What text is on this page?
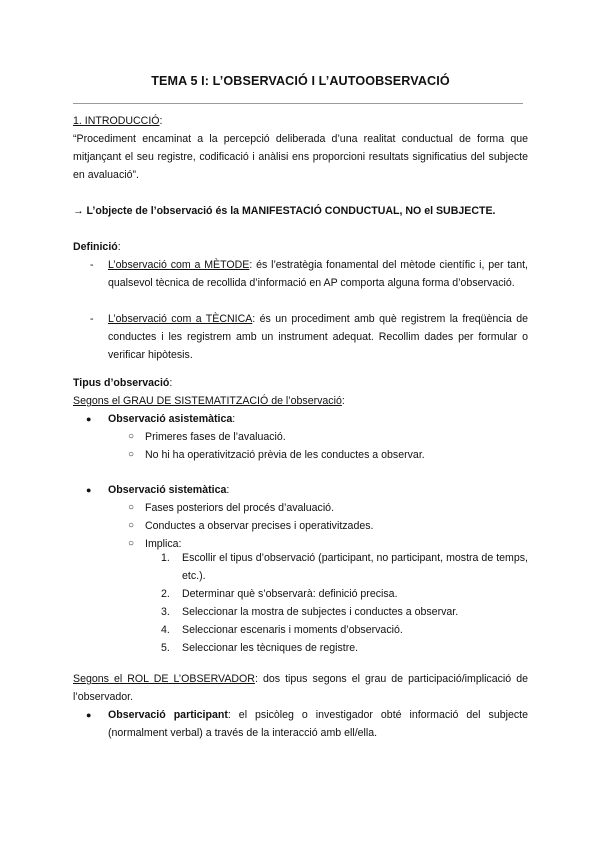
TEMA 5 I: L’OBSERVACIÓ I L’AUTOOBSERVACIÓ
1. INTRODUCCIÓ:
“Procediment encaminat a la percepció deliberada d’una realitat conductual de forma que mitjançant el seu registre, codificació i anàlisi ens proporcioni resultats significatius del subjecte en avaluació”.
→ L’objecte de l’observació és la MANIFESTACIÓ CONDUCTUAL, NO el SUBJECTE.
Definició:
- L’observació com a MÈTODE: és l’estratègia fonamental del mètode científic i, per tant, qualsevol tècnica de recollida d’informació en AP comporta alguna forma d’observació.
- L’observació com a TÈCNICA: és un procediment amb què registrem la freqüència de conductes i les registrem amb un instrument adequat. Recollim dades per formular o verificar hipòtesis.
Tipus d’observació:
Segons el GRAU DE SISTEMATITZACIÓ de l’observació:
● Observació asistemàtica:
○ Primeres fases de l’avaluació.
○ No hi ha operativització prèvia de les conductes a observar.
● Observació sistemàtica:
○ Fases posteriors del procés d’avaluació.
○ Conductes a observar precises i operativitzades.
○ Implica:
1. Escollir el tipus d’observació (participant, no participant, mostra de temps, etc.).
2. Determinar què s’observarà: definició precisa.
3. Seleccionar la mostra de subjectes i conductes a observar.
4. Seleccionar escenaris i moments d’observació.
5. Seleccionar les tècniques de registre.
Segons el ROL DE L’OBSERVADOR: dos tipus segons el grau de participació/implicació de l’observador.
● Observació participant: el psicòleg o investigador obté informació del subjecte (normalment verbal) a través de la interacció amb ell/ella.
